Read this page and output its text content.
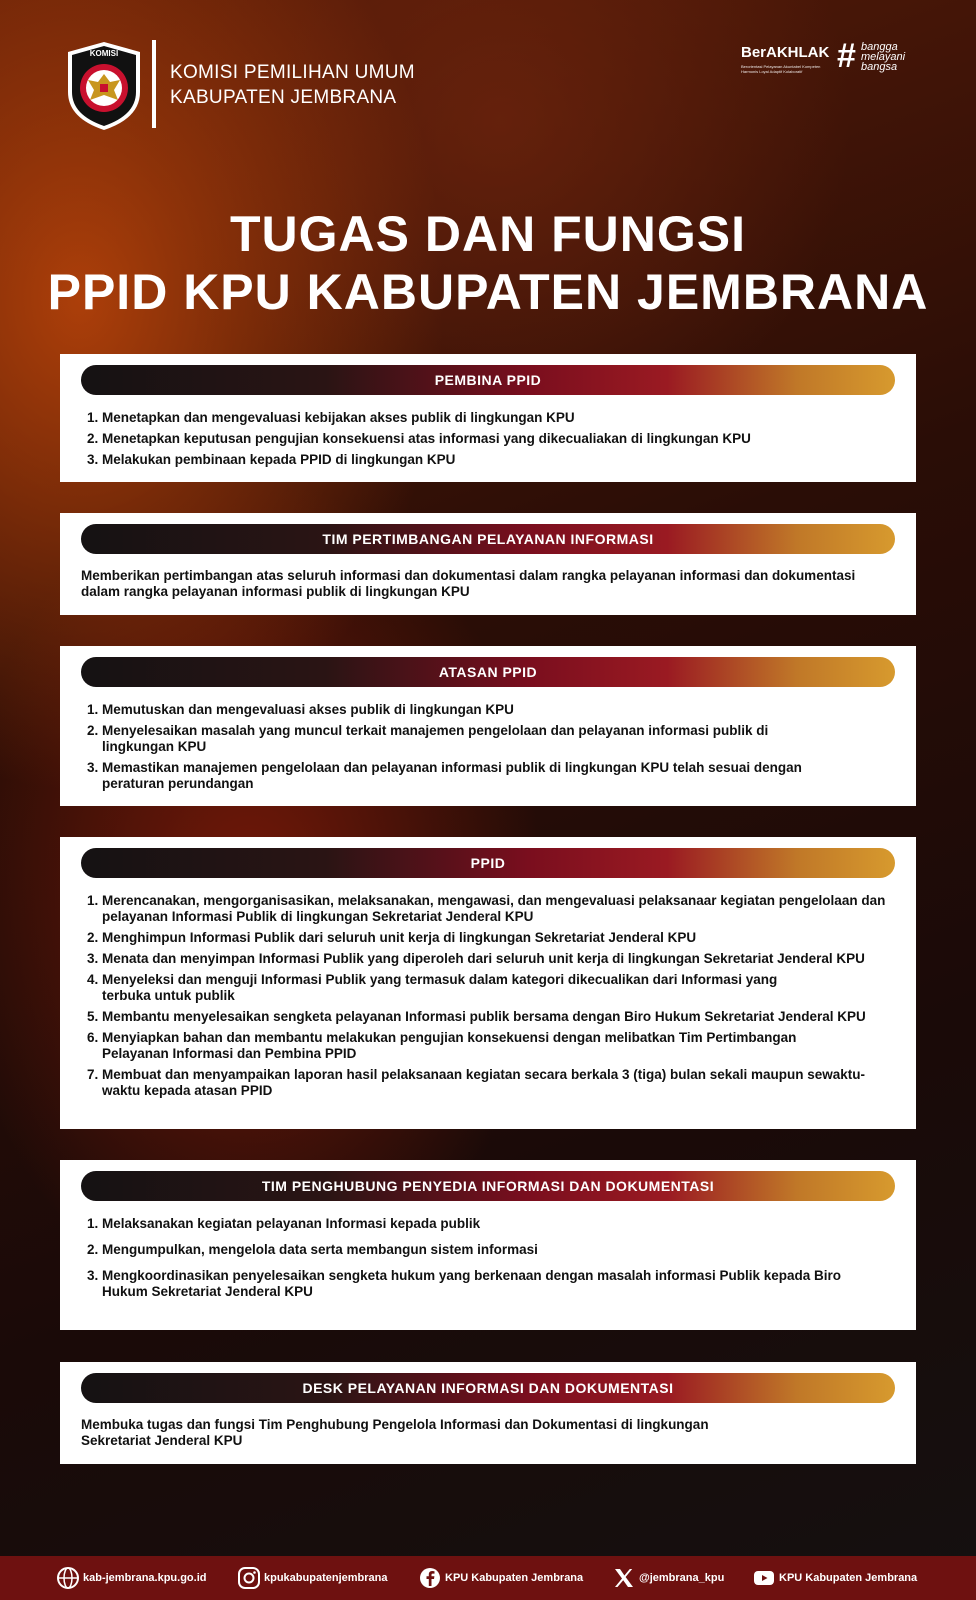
KOMISI
KOMISI PEMILIHAN UMUM
KABUPATEN JEMBRANA
BerAKHLAK
Berorientasi Pelayanan Akuntabel Kompeten Harmonis Loyal Adaptif Kolaboratif	# bangga
melayani
bangsa
TUGAS DAN FUNGSI
PPID KPU KABUPATEN JEMBRANA
PEMBINA PPID
1. Menetapkan dan mengevaluasi kebijakan akses publik di lingkungan KPU
2. Menetapkan keputusan pengujian konsekuensi atas informasi yang dikecualiakan di lingkungan KPU
3. Melakukan pembinaan kepada PPID di lingkungan KPU
TIM PERTIMBANGAN PELAYANAN INFORMASI

Memberikan pertimbangan atas seluruh informasi dan dokumentasi dalam rangka pelayanan informasi dan dokumentasi dalam rangka pelayanan informasi publik di lingkungan KPU

ATASAN PPID
1. Memutuskan dan mengevaluasi akses publik di lingkungan KPU
2. Menyelesaikan masalah yang muncul terkait manajemen pengelolaan dan pelayanan informasi publik di lingkungan KPU
3. Memastikan manajemen pengelolaan dan pelayanan informasi publik di lingkungan KPU telah sesuai dengan peraturan perundangan
PPID
1. Merencanakan, mengorganisasikan, melaksanakan, mengawasi, dan mengevaluasi pelaksanaar kegiatan pengelolaan dan pelayanan Informasi Publik di lingkungan Sekretariat Jenderal KPU
2. Menghimpun Informasi Publik dari seluruh unit kerja di lingkungan Sekretariat Jenderal KPU
3. Menata dan menyimpan Informasi Publik yang diperoleh dari seluruh unit kerja di lingkungan Sekretariat Jenderal KPU
4. Menyeleksi dan menguji Informasi Publik yang termasuk dalam kategori dikecualikan dari Informasi yang terbuka untuk publik
5. Membantu menyelesaikan sengketa pelayanan Informasi publik bersama dengan Biro Hukum Sekretariat Jenderal KPU
6. Menyiapkan bahan dan membantu melakukan pengujian konsekuensi dengan melibatkan Tim Pertimbangan Pelayanan Informasi dan Pembina PPID
7. Membuat dan menyampaikan laporan hasil pelaksanaan kegiatan secara berkala 3 (tiga) bulan sekali maupun sewaktu-waktu kepada atasan PPID
TIM PENGHUBUNG PENYEDIA INFORMASI DAN DOKUMENTASI
1. Melaksanakan kegiatan pelayanan Informasi kepada publik
2. Mengumpulkan, mengelola data serta membangun sistem informasi
3. Mengkoordinasikan penyelesaikan sengketa hukum yang berkenaan dengan masalah informasi Publik kepada Biro Hukum Sekretariat Jenderal KPU
DESK PELAYANAN INFORMASI DAN DOKUMENTASI

Membuka tugas dan fungsi Tim Penghubung Pengelola Informasi dan Dokumentasi di lingkungan Sekretariat Jenderal KPU

kab-jembrana.kpu.go.id	kpukabupatenjembrana	KPU Kabupaten Jembrana	@jembrana_kpu	KPU Kabupaten Jembrana
